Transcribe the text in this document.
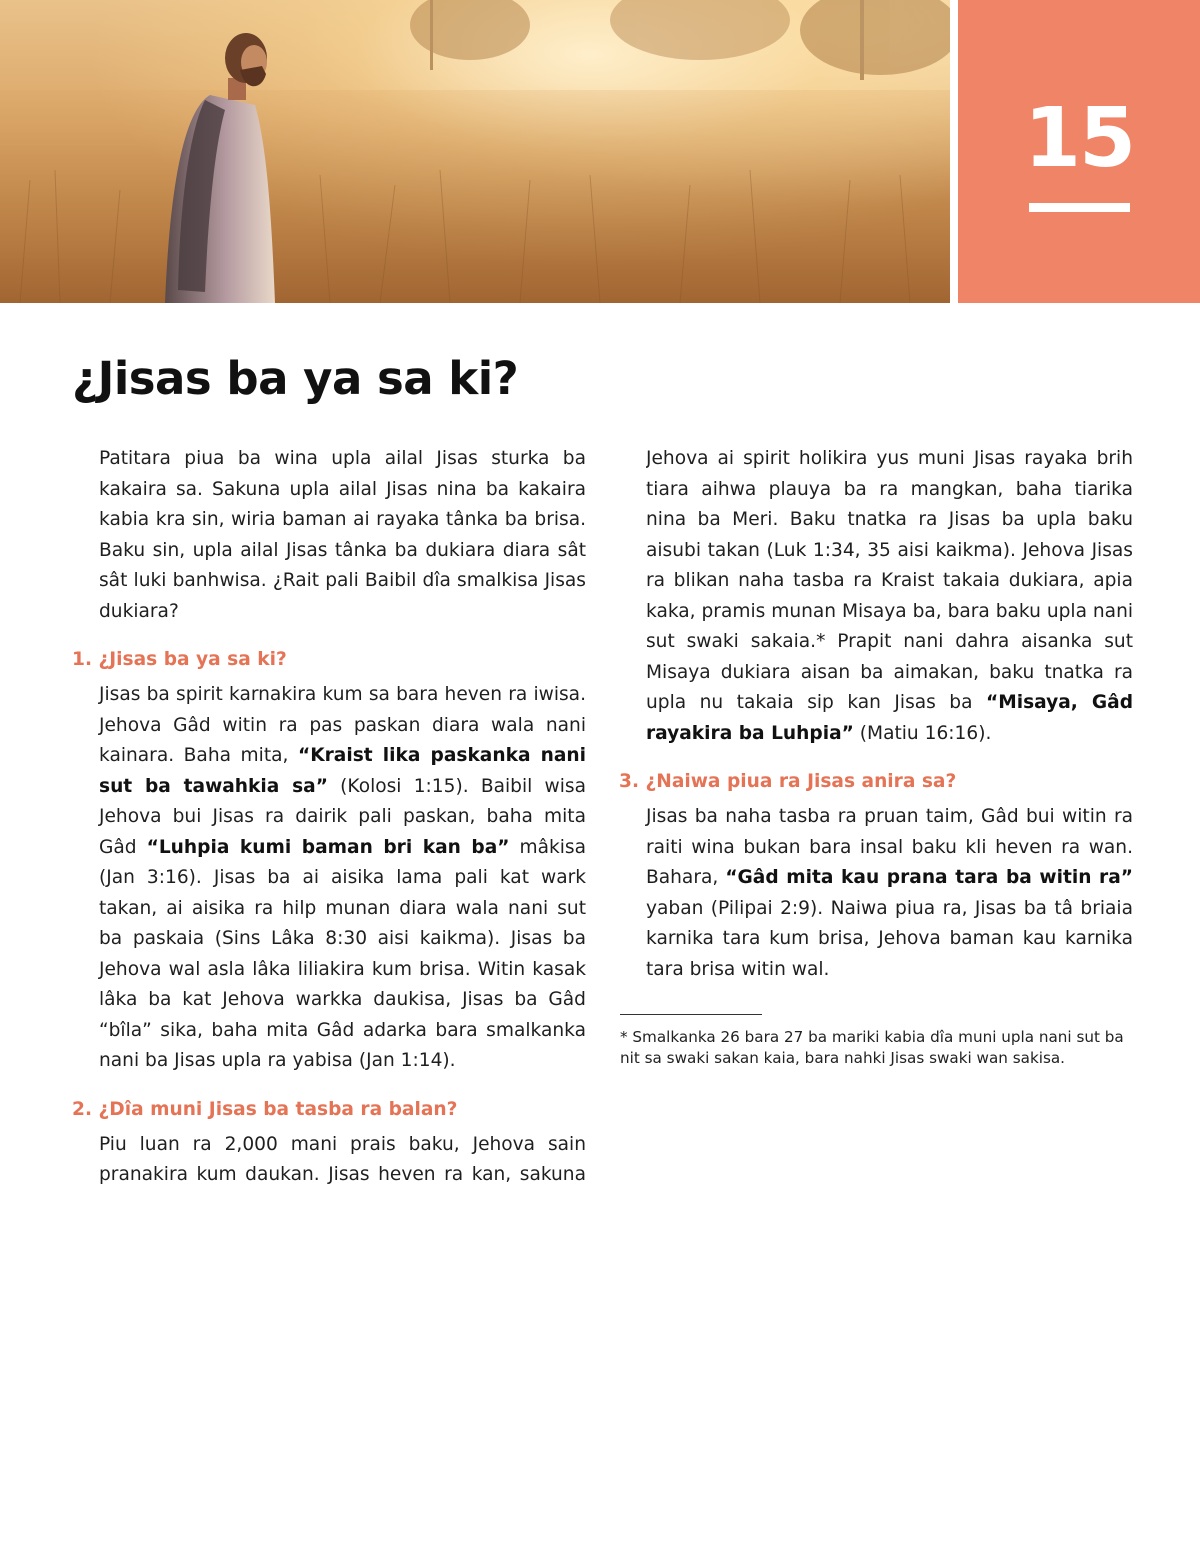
15
¿Jisas ba ya sa ki?

Patitara piua ba wina upla ailal Jisas sturka ba kakaira sa. Sakuna upla ailal Jisas nina ba kakaira kabia kra sin, wiria baman ai rayaka tânka ba brisa. Baku sin, upla ailal Jisas tânka ba dukiara diara sât sât luki banhwisa. ¿Rait pali Baibil dîa smalkisa Jisas dukiara?

1. ¿Jisas ba ya sa ki?

Jisas ba spirit karnakira kum sa bara heven ra iwisa. Jehova Gâd witin ra pas paskan diara wala nani kainara. Baha mita, “Kraist lika paskanka nani sut ba tawahkia sa” (Kolosi 1:15). Baibil wisa Jehova bui Jisas ra dairik pali paskan, baha mita Gâd “Luhpia kumi baman bri kan ba” mâkisa (Jan 3:16). Jisas ba ai aisika lama pali kat wark takan, ai aisika ra hilp munan diara wala nani sut ba paskaia (Sins Lâka 8:30 aisi kaikma). Jisas ba Jehova wal asla lâka liliakira kum brisa. Witin kasak lâka ba kat Jehova warkka daukisa, Jisas ba Gâd “bîla” sika, baha mita Gâd adarka bara smalkanka nani ba Jisas upla ra yabisa (Jan 1:14).

2. ¿Dîa muni Jisas ba tasba ra balan?

Piu luan ra 2,000 mani prais baku, Jehova sain pranakira kum daukan. Jisas heven ra kan, sakuna

Jehova ai spirit holikira yus muni Jisas rayaka brih tiara aihwa plauya ba ra mangkan, baha tiarika nina ba Meri. Baku tnatka ra Jisas ba upla baku aisubi takan (Luk 1:34, 35 aisi kaikma). Jehova Jisas ra blikan naha tasba ra Kraist takaia dukiara, apia kaka, pramis munan Misaya ba, bara baku upla nani sut swaki sakaia.* Prapit nani dahra aisanka sut Misaya dukiara aisan ba aimakan, baku tnatka ra upla nu takaia sip kan Jisas ba “Misaya, Gâd rayakira ba Luhpia” (Matiu 16:16).

3. ¿Naiwa piua ra Jisas anira sa?

Jisas ba naha tasba ra pruan taim, Gâd bui witin ra raiti wina bukan bara insal baku kli heven ra wan. Bahara, “Gâd mita kau prana tara ba witin ra” yaban (Pilipai 2:9). Naiwa piua ra, Jisas ba tâ briaia karnika tara kum brisa, Jehova baman kau karnika tara brisa witin wal.

* Smalkanka 26 bara 27 ba mariki kabia dîa muni upla nani sut ba nit sa swaki sakan kaia, bara nahki Jisas swaki wan sakisa.
